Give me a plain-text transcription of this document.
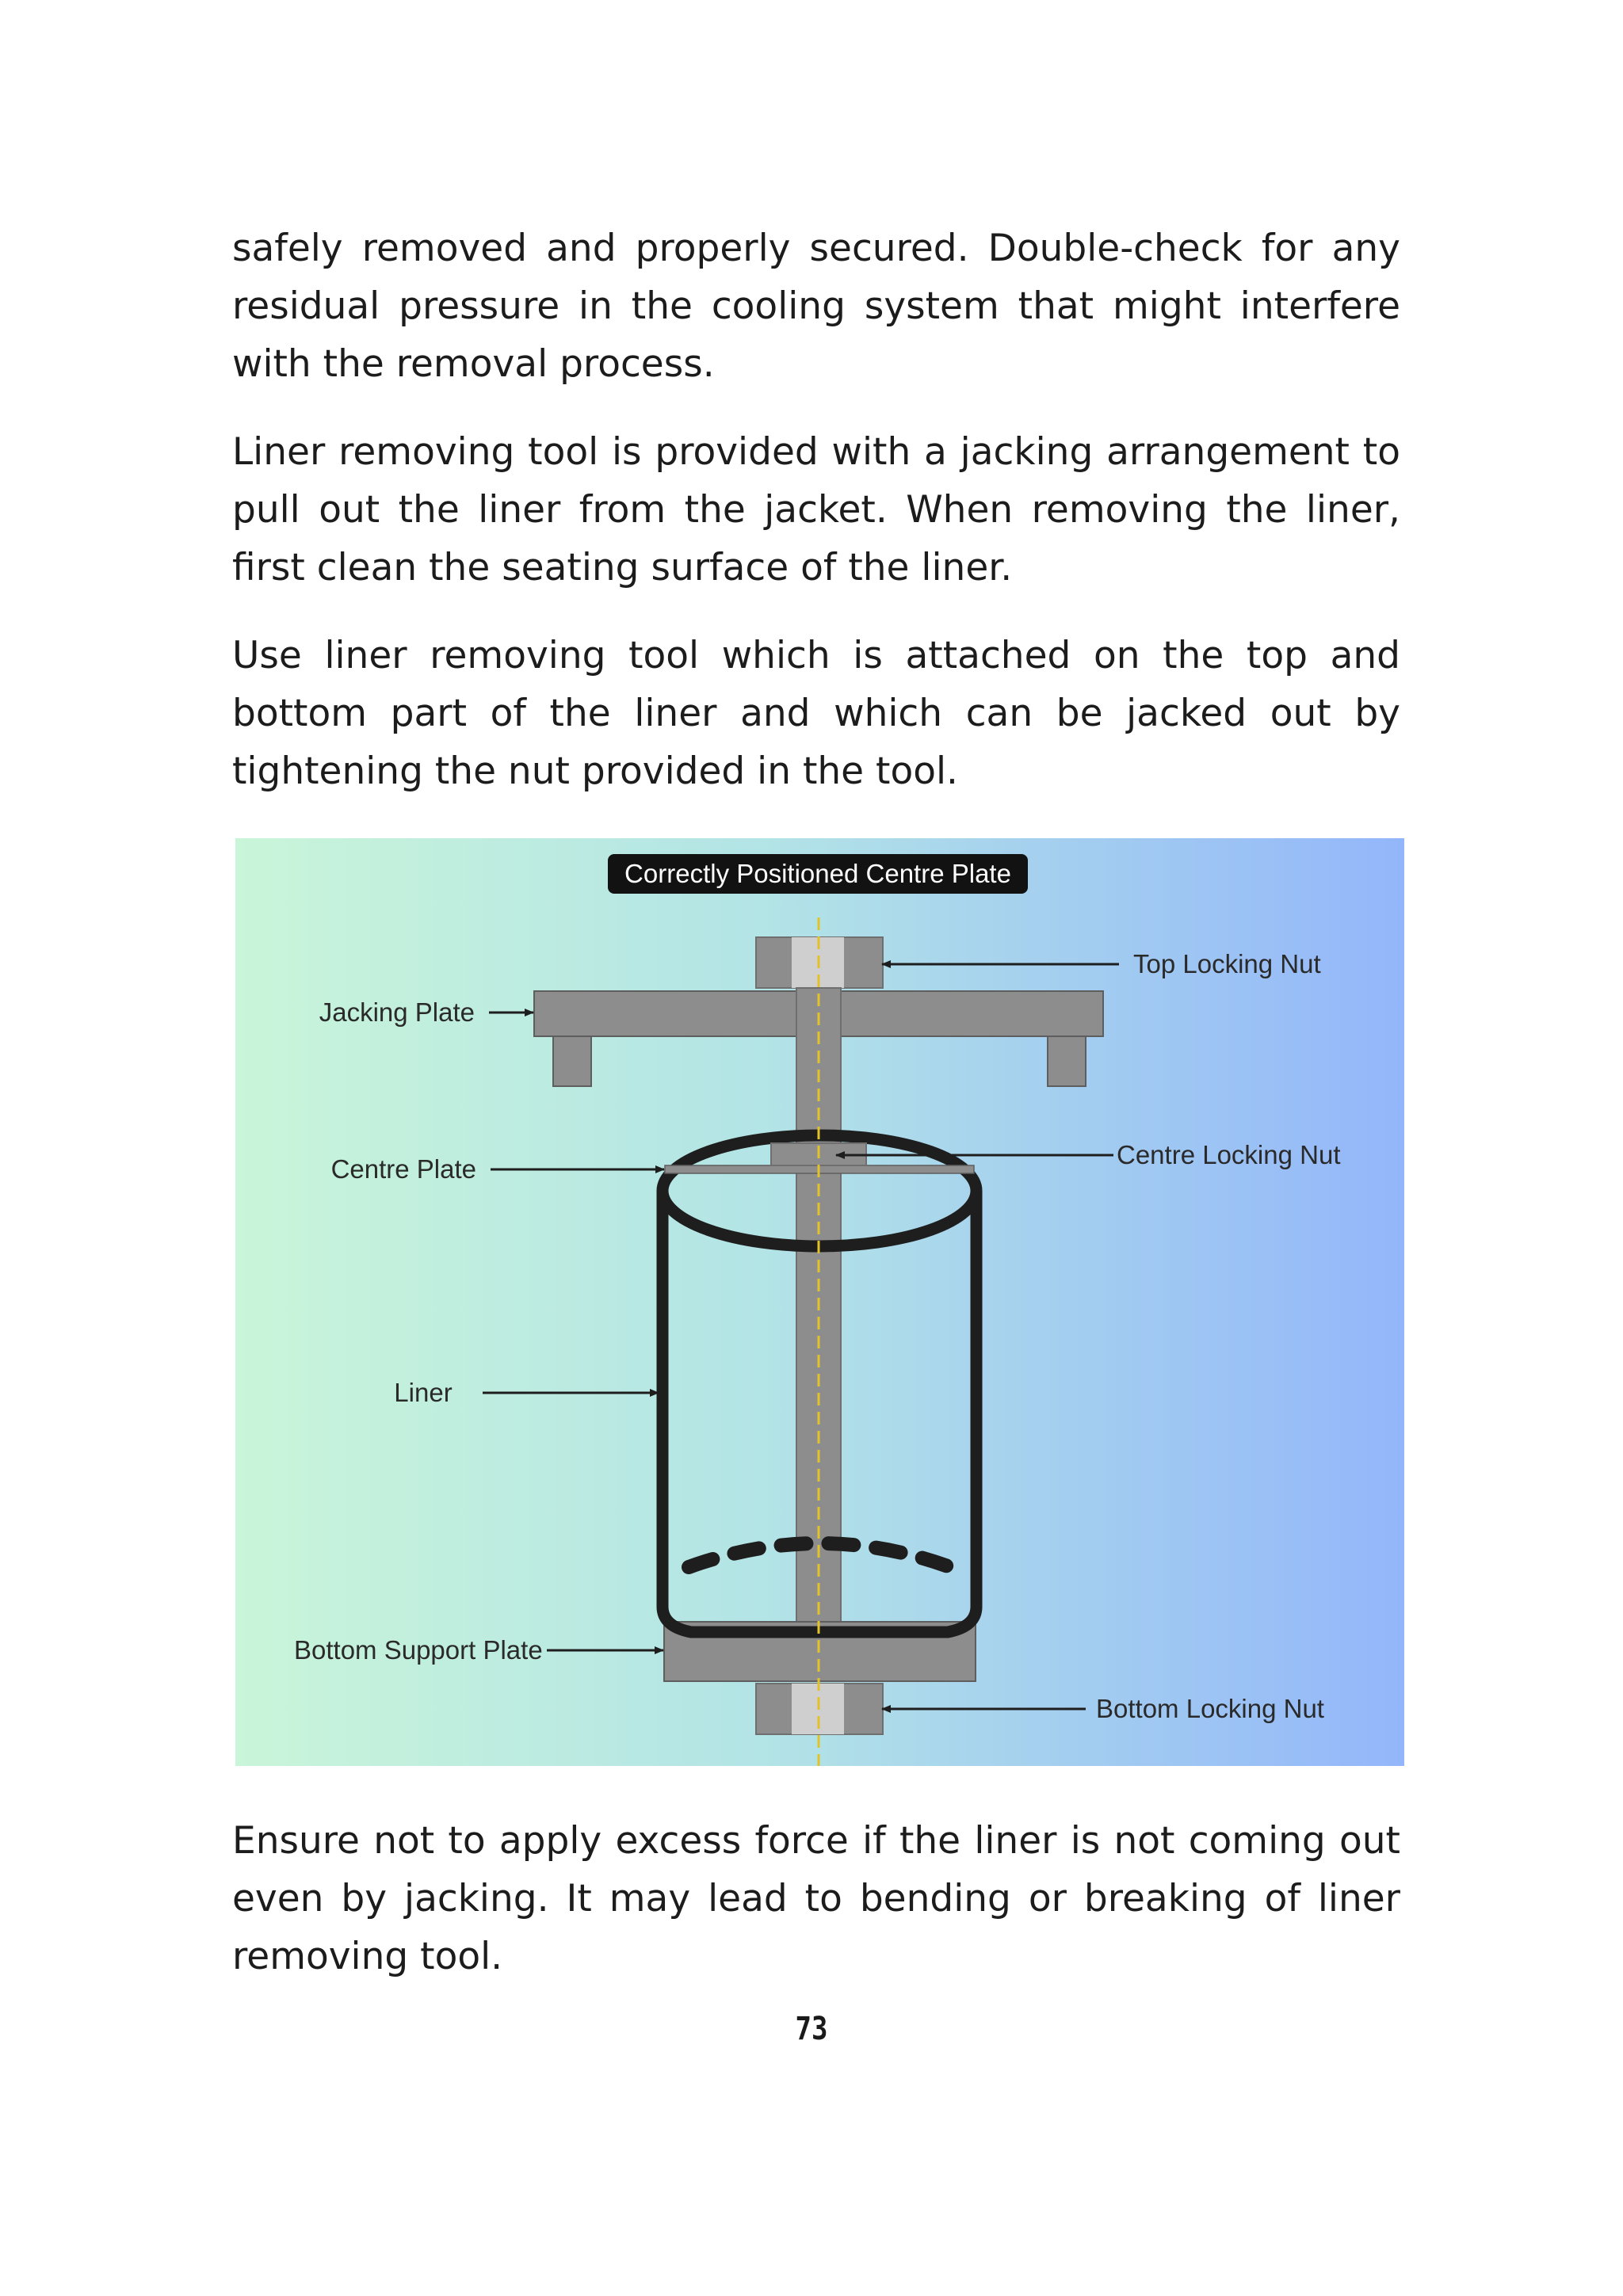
safely removed and properly secured. Double-check for any residual pressure in the cooling system that might interfere with the removal process.

Liner removing tool is provided with a jacking arrangement to pull out the liner from the jacket. When removing the liner, first clean the seating surface of the liner.

Use liner removing tool which is attached on the top and bottom part of the liner and which can be jacked out by tightening the nut provided in the tool.

Correctly Positioned Centre Plate
Top Locking Nut
Jacking Plate
Centre Plate	Centre Locking Nut
Liner
Bottom Support Plate
Bottom Locking Nut

Ensure not to apply excess force if the liner is not coming out even by jacking. It may lead to bending or breaking of liner removing tool.

73
